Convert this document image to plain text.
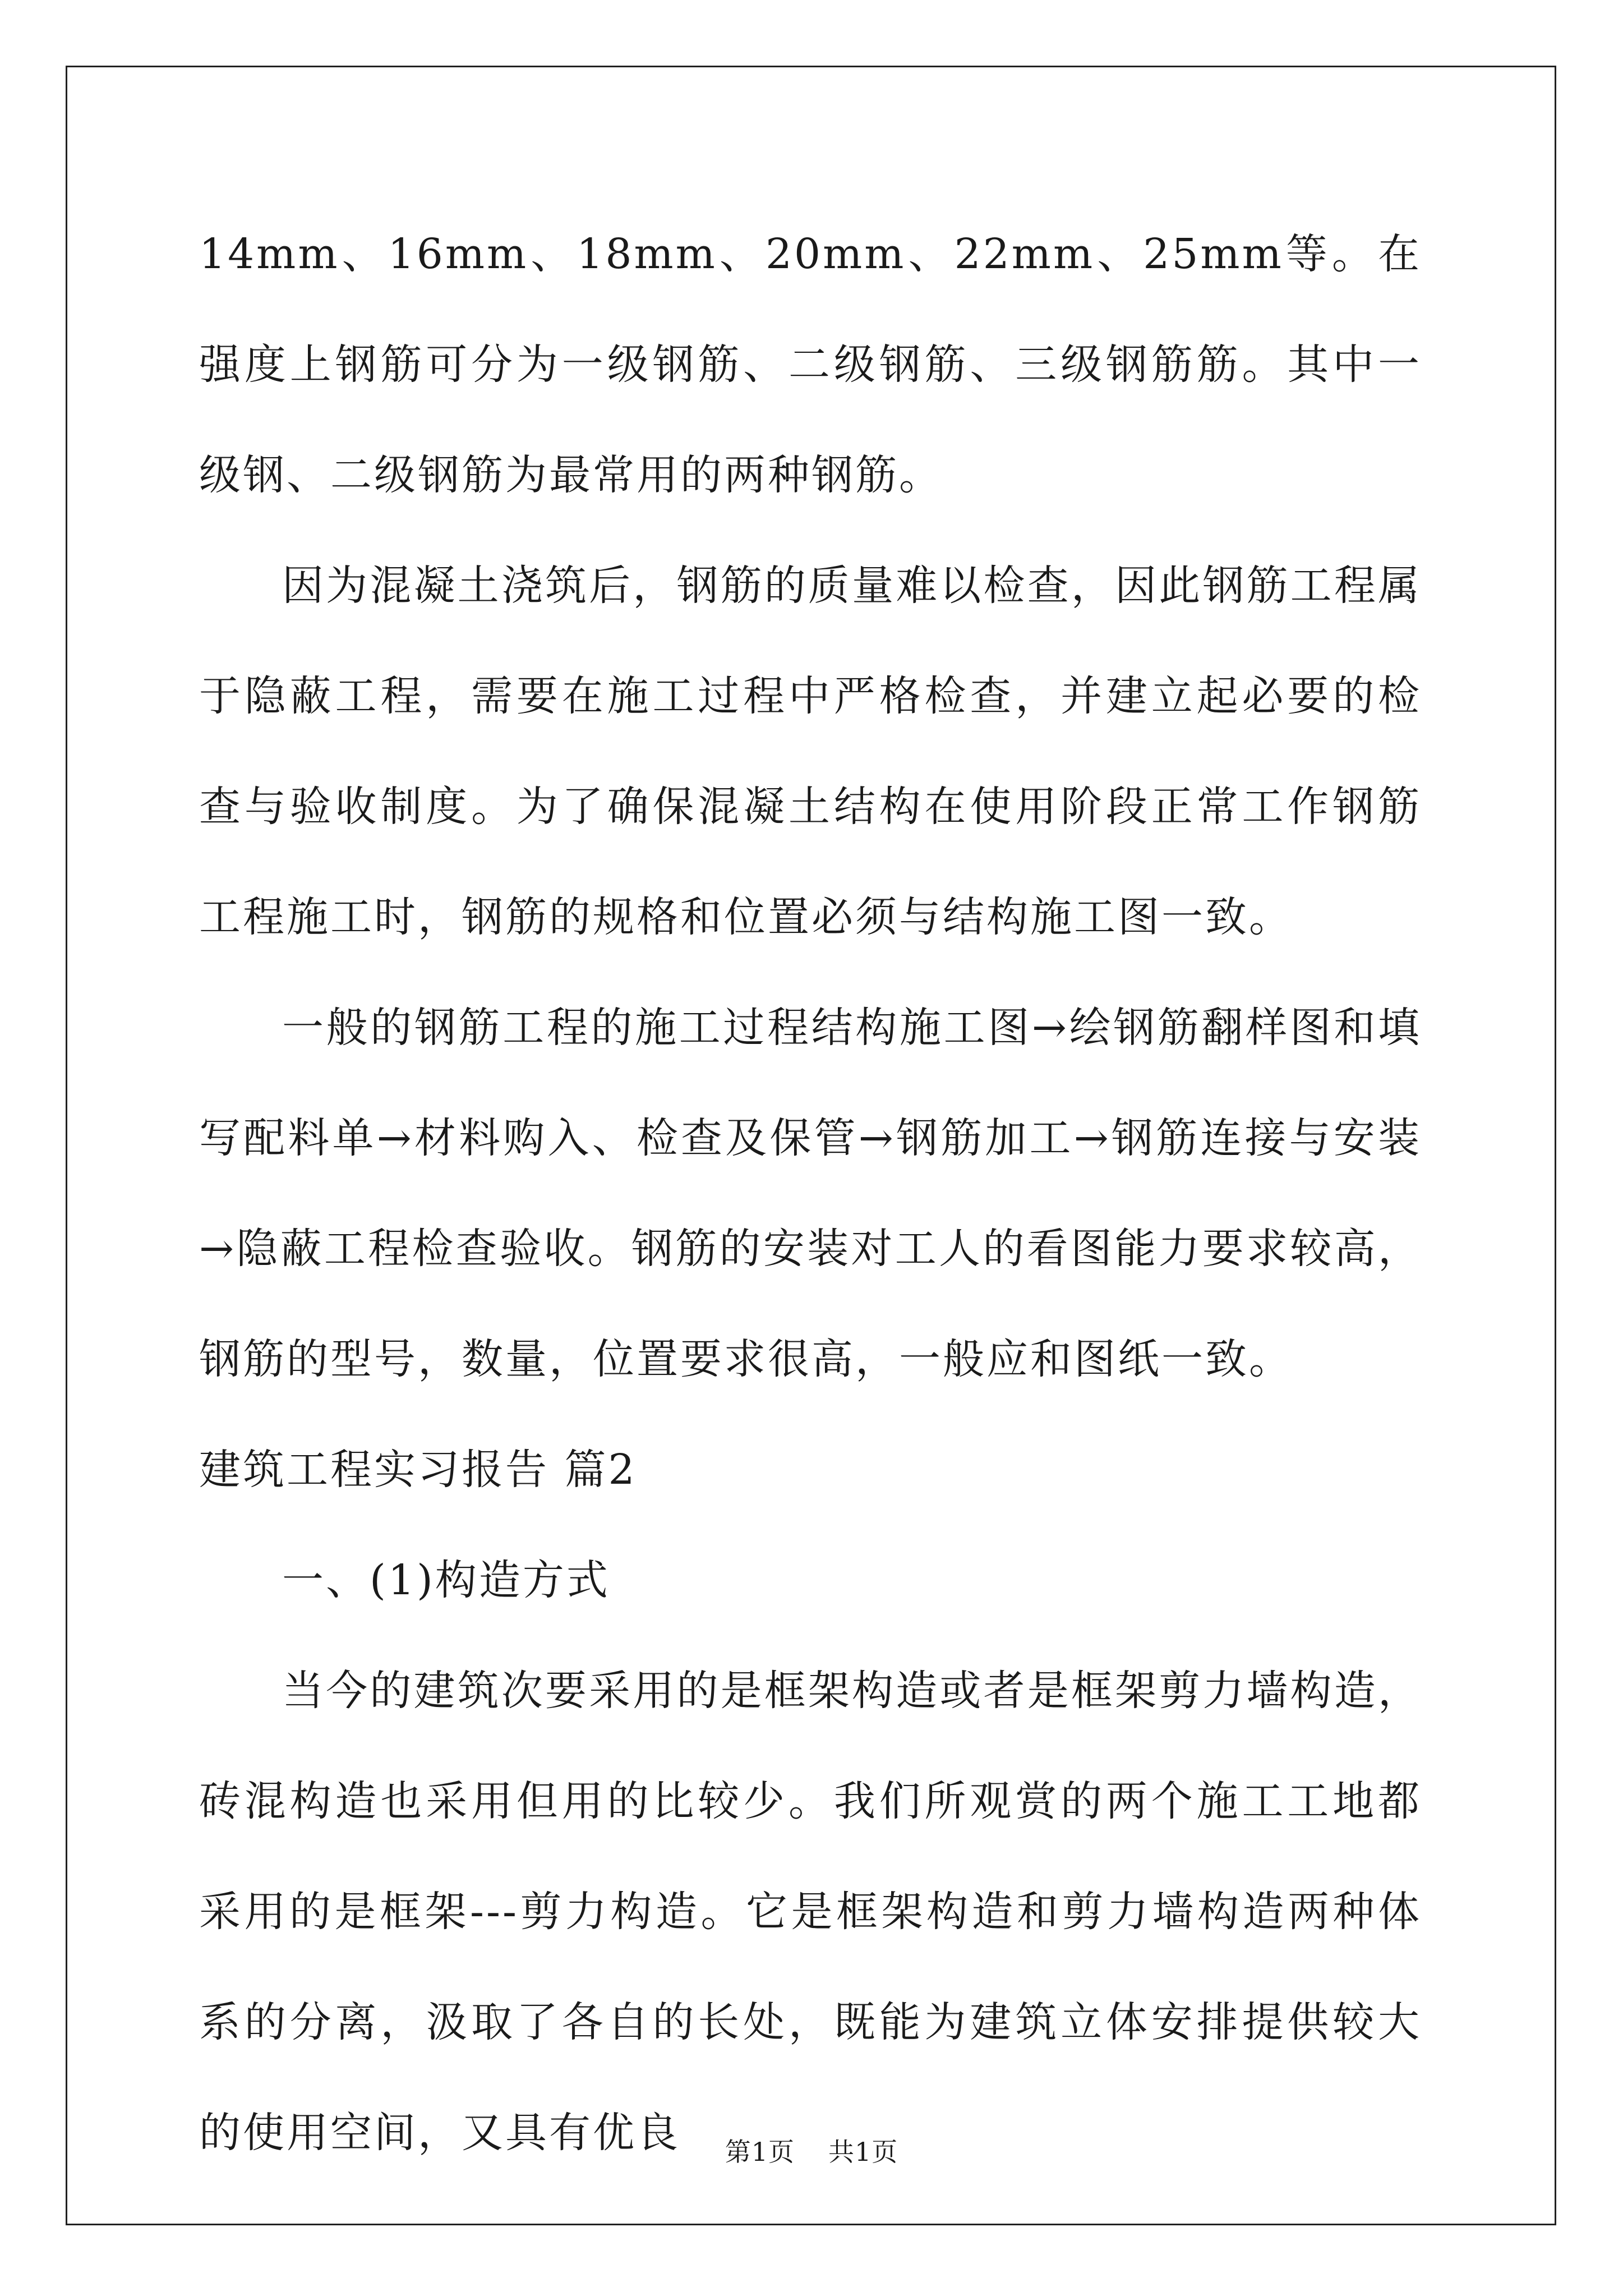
14mm、16mm、18mm、20mm、22mm、25mm等。在强度上钢筋可分为一级钢筋、二级钢筋、三级钢筋筋。其中一级钢、二级钢筋为最常用的两种钢筋。

因为混凝土浇筑后，钢筋的质量难以检查，因此钢筋工程属于隐蔽工程，需要在施工过程中严格检查，并建立起必要的检查与验收制度。为了确保混凝土结构在使用阶段正常工作钢筋工程施工时，钢筋的规格和位置必须与结构施工图一致。

一般的钢筋工程的施工过程结构施工图→绘钢筋翻样图和填写配料单→材料购入、检查及保管→钢筋加工→钢筋连接与安装→隐蔽工程检查验收。钢筋的安装对工人的看图能力要求较高，钢筋的型号，数量，位置要求很高，一般应和图纸一致。

建筑工程实习报告 篇2

一、(1)构造方式

当今的建筑次要采用的是框架构造或者是框架剪力墙构造，砖混构造也采用但用的比较少。我们所观赏的两个施工工地都采用的是框架---剪力构造。它是框架构造和剪力墙构造两种体系的分离，汲取了各自的长处，既能为建筑立体安排提供较大的使用空间，又具有优良	第1页 共1页
